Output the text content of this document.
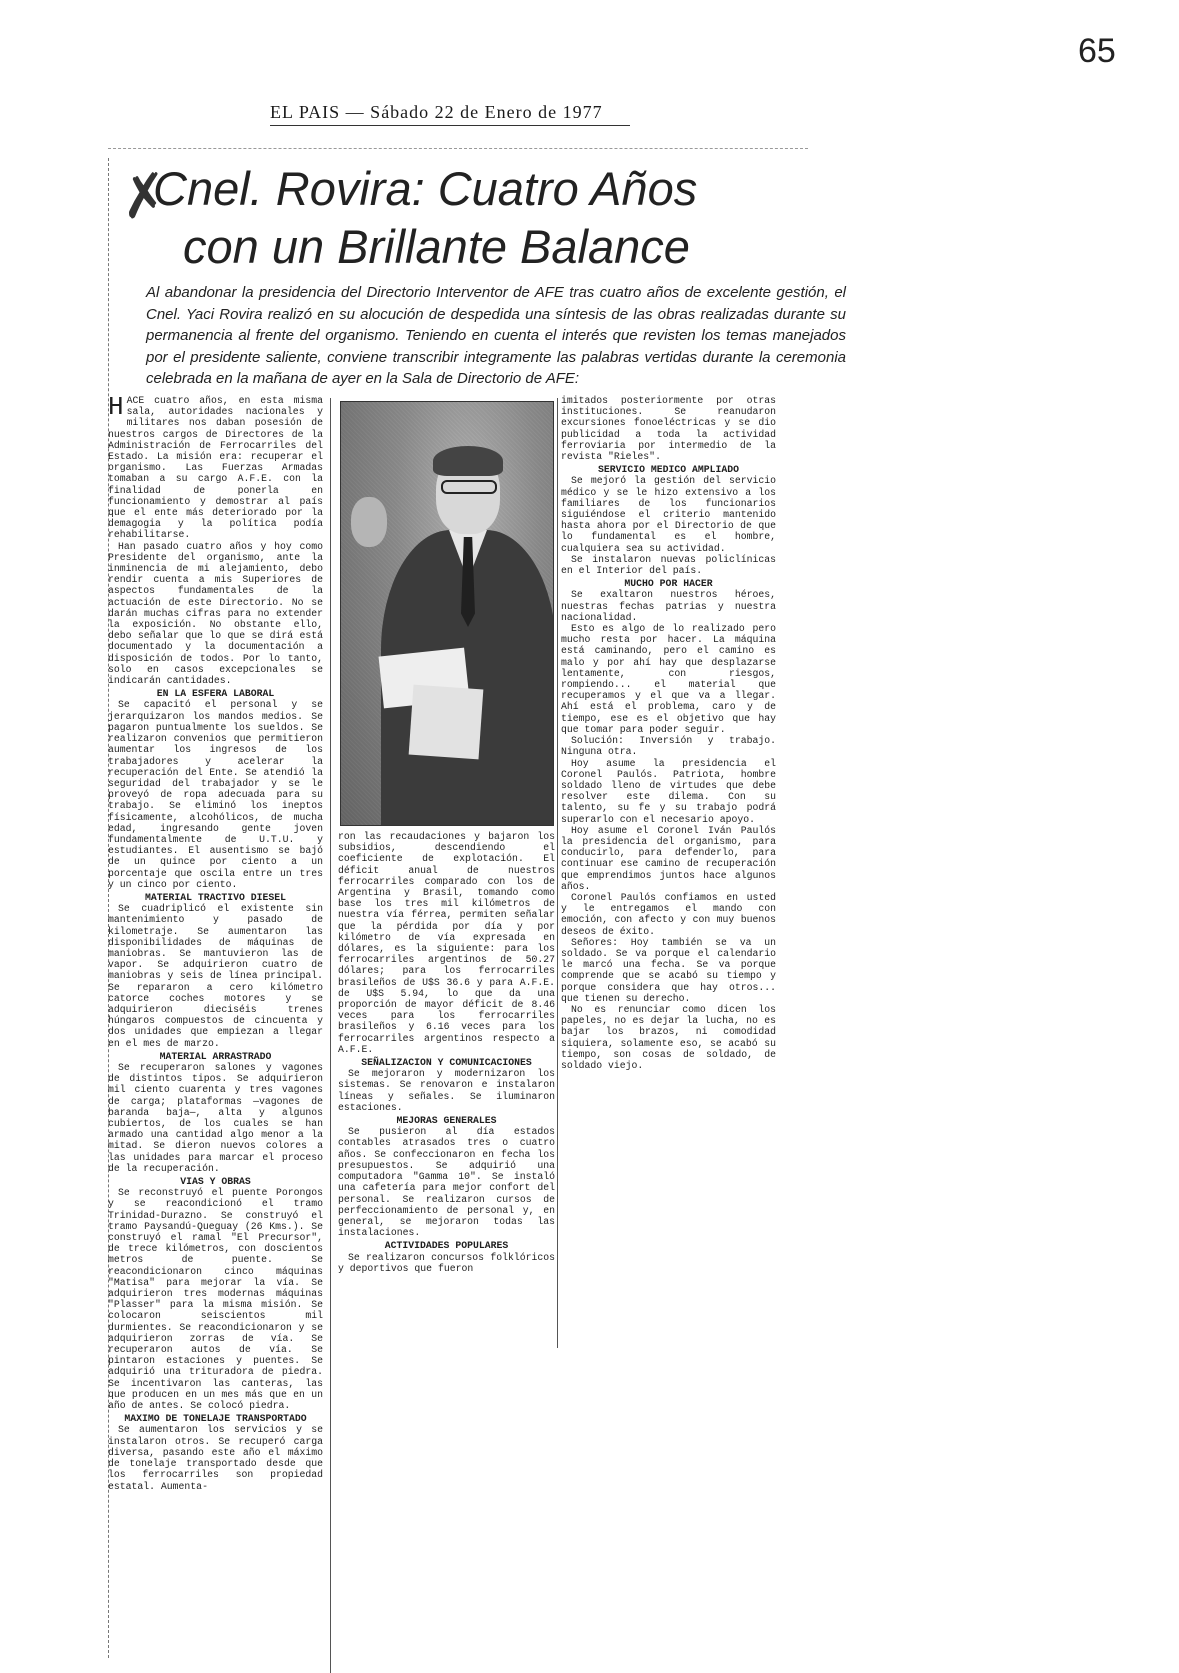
65
EL PAIS — Sábado 22 de Enero de 1977
✗
Cnel. Rovira: Cuatro Años
con un Brillante Balance
Al abandonar la presidencia del Directorio Interventor de AFE tras cuatro años de excelente gestión, el Cnel. Yaci Rovira realizó en su alocución de despedida una síntesis de las obras realizadas durante su permanencia al frente del organismo. Teniendo en cuenta el interés que revisten los temas manejados por el presidente saliente, conviene transcribir integramente las palabras vertidas durante la ceremonia celebrada en la mañana de ayer en la Sala de Directorio de AFE:

HACE cuatro años, en esta misma sala, autoridades nacionales y militares nos daban posesión de nuestros cargos de Directores de la Administración de Ferrocarriles del Estado. La misión era: recuperar el organismo. Las Fuerzas Armadas tomaban a su cargo A.F.E. con la finalidad de ponerla en funcionamiento y demostrar al país que el ente más deteriorado por la demagogia y la política podía rehabilitarse.

Han pasado cuatro años y hoy como Presidente del organismo, ante la inminencia de mi alejamiento, debo rendir cuenta a mis Superiores de aspectos fundamentales de la actuación de este Directorio. No se darán muchas cifras para no extender la exposición. No obstante ello, debo señalar que lo que se dirá está documentado y la documentación a disposición de todos. Por lo tanto, solo en casos excepcionales se indicarán cantidades.

EN LA ESFERA LABORAL

Se capacitó el personal y se jerarquizaron los mandos medios. Se pagaron puntualmente los sueldos. Se realizaron convenios que permitieron aumentar los ingresos de los trabajadores y acelerar la recuperación del Ente. Se atendió la seguridad del trabajador y se le proveyó de ropa adecuada para su trabajo. Se eliminó los ineptos físicamente, alcohólicos, de mucha edad, ingresando gente joven fundamentalmente de U.T.U. y estudiantes. El ausentismo se bajó de un quince por ciento a un porcentaje que oscila entre un tres y un cinco por ciento.

MATERIAL TRACTIVO DIESEL

Se cuadriplicó el existente sin mantenimiento y pasado de kilometraje. Se aumentaron las disponibilidades de máquinas de maniobras. Se mantuvieron las de vapor. Se adquirieron cuatro de maniobras y seis de línea principal. Se repararon a cero kilómetro catorce coches motores y se adquirieron dieciséis trenes húngaros compuestos de cincuenta y dos unidades que empiezan a llegar en el mes de marzo.

MATERIAL ARRASTRADO

Se recuperaron salones y vagones de distintos tipos. Se adquirieron mil ciento cuarenta y tres vagones de carga; plataformas —vagones de baranda baja—, alta y algunos cubiertos, de los cuales se han armado una cantidad algo menor a la mitad. Se dieron nuevos colores a las unidades para marcar el proceso de la recuperación.

VIAS Y OBRAS

Se reconstruyó el puente Porongos y se reacondicionó el tramo Trinidad-Durazno. Se construyó el tramo Paysandú-Queguay (26 Kms.). Se construyó el ramal "El Precursor", de trece kilómetros, con doscientos metros de puente. Se reacondicionaron cinco máquinas "Matisa" para mejorar la vía. Se adquirieron tres modernas máquinas "Plasser" para la misma misión. Se colocaron seiscientos mil durmientes. Se reacondicionaron y se adquirieron zorras de vía. Se recuperaron autos de vía. Se pintaron estaciones y puentes. Se adquirió una trituradora de piedra. Se incentivaron las canteras, las que producen en un mes más que en un año de antes. Se colocó piedra.

MAXIMO DE TONELAJE TRANSPORTADO

Se aumentaron los servicios y se instalaron otros. Se recuperó carga diversa, pasando este año el máximo de tonelaje transportado desde que los ferrocarriles son propiedad estatal. Aumenta-

ron las recaudaciones y bajaron los subsidios, descendiendo el coeficiente de explotación. El déficit anual de nuestros ferrocarriles comparado con los de Argentina y Brasil, tomando como base los tres mil kilómetros de nuestra vía férrea, permiten señalar que la pérdida por día y por kilómetro de vía expresada en dólares, es la siguiente: para los ferrocarriles argentinos de 50.27 dólares; para los ferrocarriles brasileños de U$S 36.6 y para A.F.E. de U$S 5.94, lo que da una proporción de mayor déficit de 8.46 veces para los ferrocarriles brasileños y 6.16 veces para los ferrocarriles argentinos respecto a A.F.E.

SEÑALIZACION Y COMUNICACIONES

Se mejoraron y modernizaron los sistemas. Se renovaron e instalaron líneas y señales. Se iluminaron estaciones.

MEJORAS GENERALES

Se pusieron al día estados contables atrasados tres o cuatro años. Se confeccionaron en fecha los presupuestos. Se adquirió una computadora "Gamma 10". Se instaló una cafetería para mejor confort del personal. Se realizaron cursos de perfeccionamiento de personal y, en general, se mejoraron todas las instalaciones.

ACTIVIDADES POPULARES

Se realizaron concursos folklóricos y deportivos que fueron

imitados posteriormente por otras instituciones. Se reanudaron excursiones fonoeléctricas y se dio publicidad a toda la actividad ferroviaria por intermedio de la revista "Rieles".

SERVICIO MEDICO AMPLIADO

Se mejoró la gestión del servicio médico y se le hizo extensivo a los familiares de los funcionarios siguiéndose el criterio mantenido hasta ahora por el Directorio de que lo fundamental es el hombre, cualquiera sea su actividad.

Se instalaron nuevas policlínicas en el Interior del país.

MUCHO POR HACER

Se exaltaron nuestros héroes, nuestras fechas patrias y nuestra nacionalidad.

Esto es algo de lo realizado pero mucho resta por hacer. La máquina está caminando, pero el camino es malo y por ahí hay que desplazarse lentamente, con riesgos, rompiendo... el material que recuperamos y el que va a llegar. Ahí está el problema, caro y de tiempo, ese es el objetivo que hay que tomar para poder seguir.

Solución: Inversión y trabajo. Ninguna otra.

Hoy asume la presidencia el Coronel Paulós. Patriota, hombre soldado lleno de virtudes que debe resolver este dilema. Con su talento, su fe y su trabajo podrá superarlo con el necesario apoyo.

Hoy asume el Coronel Iván Paulós la presidencia del organismo, para conducirlo, para defenderlo, para continuar ese camino de recuperación que emprendimos juntos hace algunos años.

Coronel Paulós confiamos en usted y le entregamos el mando con emoción, con afecto y con muy buenos deseos de éxito.

Señores: Hoy también se va un soldado. Se va porque el calendario le marcó una fecha. Se va porque comprende que se acabó su tiempo y porque considera que hay otros... que tienen su derecho.

No es renunciar como dicen los papeles, no es dejar la lucha, no es bajar los brazos, ni comodidad siquiera, solamente eso, se acabó su tiempo, son cosas de soldado, de soldado viejo.
